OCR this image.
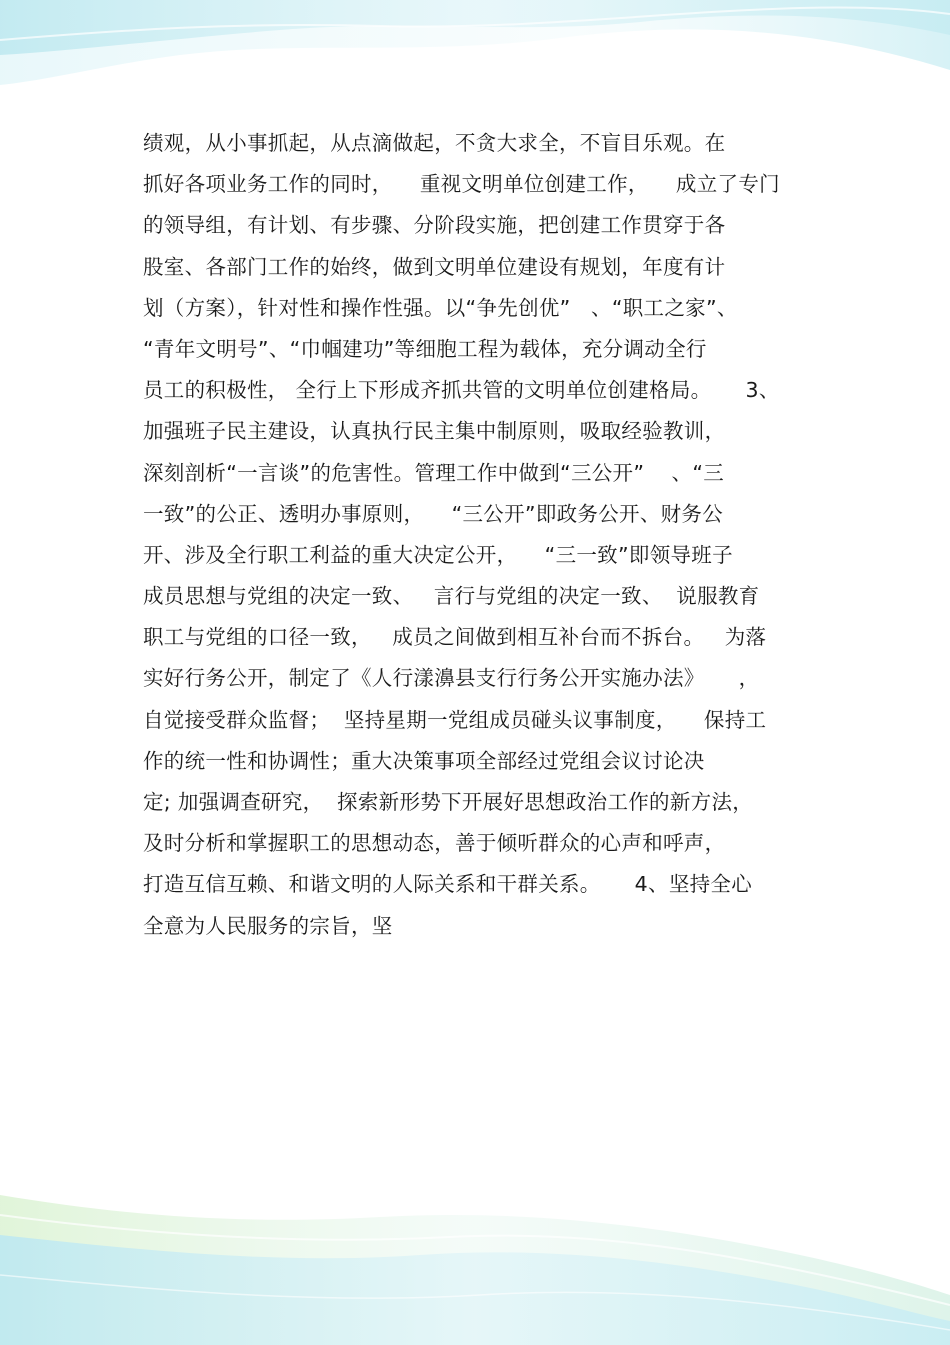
绩观，从小事抓起，从点滴做起，不贪大求全，不盲目乐观。在
抓好各项业务工作的同时，    重视文明单位创建工作，    成立了专门
的领导组，有计划、有步骤、分阶段实施，把创建工作贯穿于各
股室、各部门工作的始终，做到文明单位建设有规划，年度有计
划（方案），针对性和操作性强。以“争先创优”   、“职工之家”、
“青年文明号”、“巾帼建功”等细胞工程为载体，充分调动全行
员工的积极性， 全行上下形成齐抓共管的文明单位创建格局。     3、
加强班子民主建设，认真执行民主集中制原则，吸取经验教训，
深刻剖析“一言谈”的危害性。管理工作中做到“三公开”    、“三
一致”的公正、透明办事原则，    “三公开”即政务公开、财务公
开、涉及全行职工利益的重大决定公开，    “三一致”即领导班子
成员思想与党组的决定一致、   言行与党组的决定一致、  说服教育
职工与党组的口径一致，   成员之间做到相互补台而不拆台。   为落
实好行务公开，制定了《人行漾濞县支行行务公开实施办法》     ，
自觉接受群众监督；  坚持星期一党组成员碰头议事制度，    保持工
作的统一性和协调性；重大决策事项全部经过党组会议讨论决
定; 加强调查研究，  探索新形势下开展好思想政治工作的新方法，
及时分析和掌握职工的思想动态，善于倾听群众的心声和呼声，
打造互信互赖、和谐文明的人际关系和干群关系。     4、坚持全心
全意为人民服务的宗旨，坚
